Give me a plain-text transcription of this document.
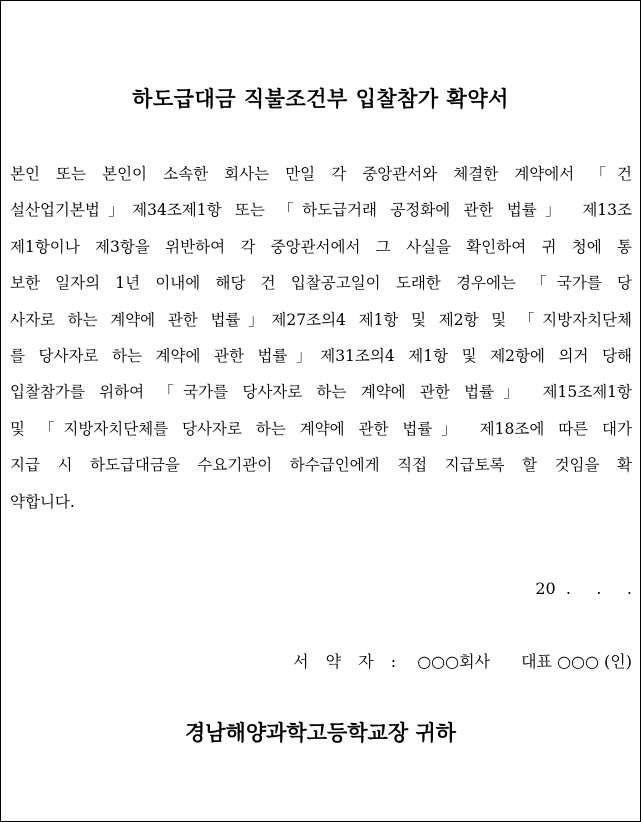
하도급대금 직불조건부 입찰참가 확약서
본인 또는 본인이 소속한 회사는 만일 각 중앙관서와 체결한 계약에서 「건
설산업기본법」제34조제1항 또는 「하도급거래 공정화에 관한 법률」 제13조
제1항이나 제3항을 위반하여 각 중앙관서에서 그 사실을 확인하여 귀 청에 통
보한 일자의 1년 이내에 해당 건 입찰공고일이 도래한 경우에는 「국가를 당
사자로 하는 계약에 관한 법률」제27조의4 제1항 및 제2항 및 「지방자치단체
를 당사자로 하는 계약에 관한 법률」제31조의4 제1항 및 제2항에 의거 당해
입찰참가를 위하여 「국가를 당사자로 하는 계약에 관한 법률」 제15조제1항
및 「지방자치단체를 당사자로 하는 계약에 관한 법률」 제18조에 따른 대가
지급 시 하도급대금을 수요기관이 하수급인에게 직접 지급토록 할 것임을 확
약합니다.
20  .     .     .
서 약 자 : ○○○회사 대표 ○○○ (인)
경남해양과학고등학교장 귀하
